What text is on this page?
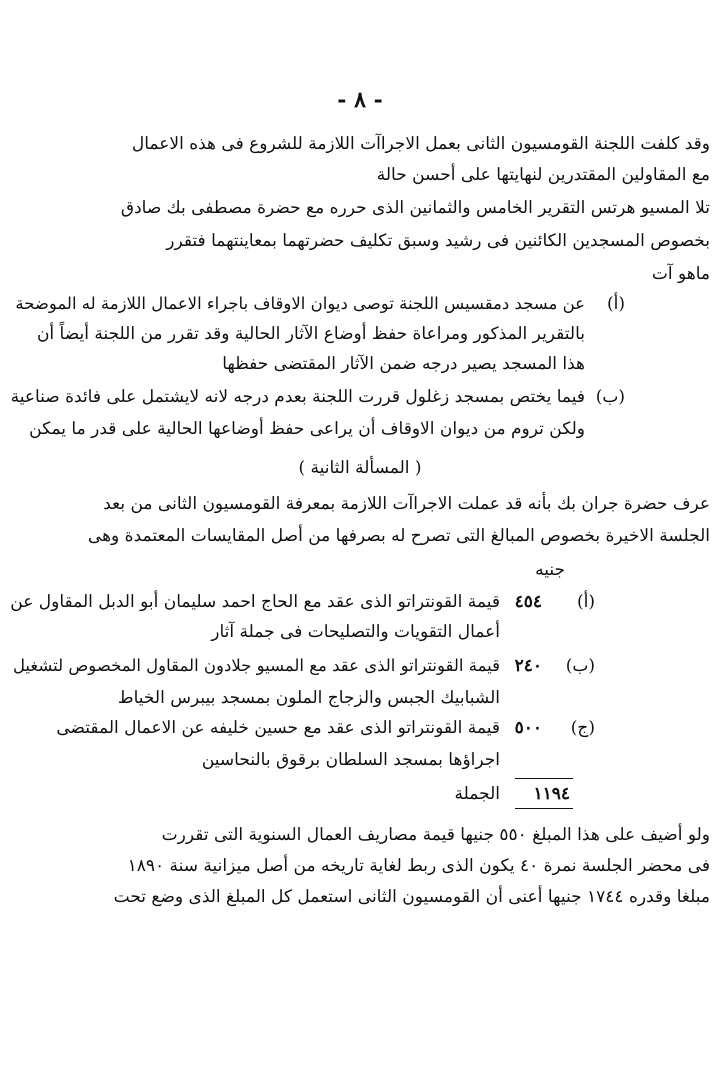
- ٨ -
وقد كلفت اللجنة القومسيون الثانى بعمل الاجراآت اللازمة للشروع فى هذه الاعمال
مع المقاولين المقتدرين لنهايتها على أحسن حالة
تلا المسيو هرتس التقرير الخامس والثمانين الذى حرره مع حضرة مصطفى بك صادق
بخصوص المسجدين الكائنين فى رشيد وسبق تكليف حضرتهما بمعاينتهما فتقرر
ماهو آت
(أ)
عن مسجد دمقسيس اللجنة توصى ديوان الاوقاف باجراء الاعمال اللازمة له الموضحة
بالتقرير المذكور ومراعاة حفظ أوضاع الآثار الحالية وقد تقرر من اللجنة أيضاً أن
هذا المسجد يصير درجه ضمن الآثار المقتضى حفظها
(ب)
فيما يختص بمسجد زغلول قررت اللجنة بعدم درجه لانه لايشتمل على فائدة صناعية
ولكن تروم من ديوان الاوقاف أن يراعى حفظ أوضاعها الحالية على قدر ما يمكن
( المسألة الثانية )
عرف حضرة جران بك بأنه قد عملت الاجراآت اللازمة بمعرفة القومسيون الثانى من بعد
الجلسة الاخيرة بخصوص المبالغ التى تصرح له بصرفها من أصل المقايسات المعتمدة وهى
جنيه
(أ)
٤٥٤
قيمة القونتراتو الذى عقد مع الحاج احمد سليمان أبو الدبل المقاول عن
أعمال التقويات والتصليحات فى جملة آثار
(ب)
٢٤٠
قيمة القونتراتو الذى عقد مع المسيو جلادون المقاول المخصوص لتشغيل
الشبابيك الجبس والزجاج الملون بمسجد بيبرس الخياط
(ج)
٥٠٠
قيمة القونتراتو الذى عقد مع حسين خليفه عن الاعمال المقتضى
اجراؤها بمسجد السلطان برقوق بالنحاسين
١١٩٤
الجملة
ولو أضيف على هذا المبلغ ٥٥٠ جنيها قيمة مصاريف العمال السنوية التى تقررت
فى محضر الجلسة نمرة ٤٠ يكون الذى ربط لغاية تاريخه من أصل ميزانية سنة ١٨٩٠
مبلغا وقدره ١٧٤٤ جنيها أعنى أن القومسيون الثانى استعمل كل المبلغ الذى وضع تحت
